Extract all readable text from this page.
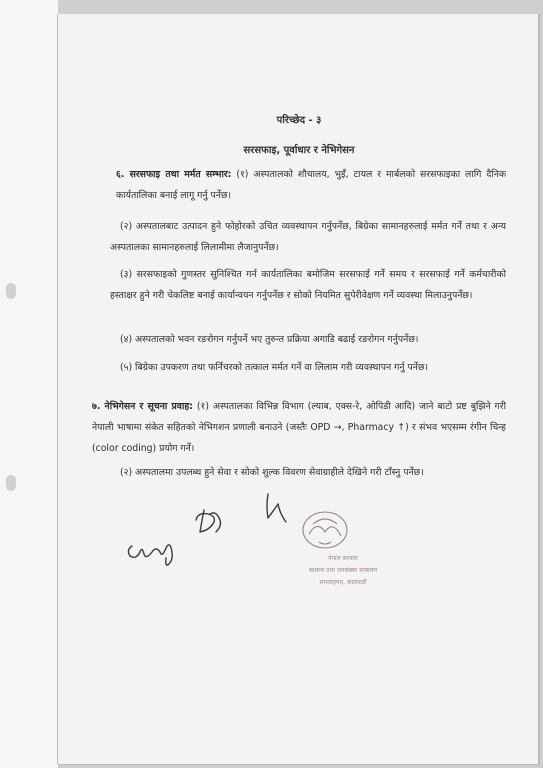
परिच्छेद - ३
सरसफाइ, पूर्वाधार र नेभिगेसन

६. सरसफाइ तथा मर्मत सम्भार: (१) अस्पतालको शौचालय, भुइँ, टायल र मार्बलको सरसफाइका लागि दैनिक कार्यतालिका बनाई लागू गर्नु पर्नेछ।

(२) अस्पतालबाट उत्पादन हुने फोहोरको उचित व्यवस्थापन गर्नुपर्नेछ, बिग्रेका सामानहरुलाई मर्मत गर्ने तथा र अन्य अस्पतालका सामानहरुलाई लिलामीमा लैजानुपर्नेछ।

(३) सरसफाइको गुणस्तर सुनिश्चित गर्न कार्यतालिका बमोजिम सरसफाई गर्ने समय र सरसफाई गर्ने कर्मचारीको हस्ताक्षर हुने गरी चेकलिष्ट बनाई कार्यान्वयन गर्नुपर्नेछ र सोको नियमित सुपेरीवेक्षण गर्ने व्यवस्था मिलाउनुपर्नेछ।

(४) अस्पतालको भवन रङरोगन गर्नुपर्ने भए तुरुन्त प्रक्रिया अगाडि बढाई रङरोगन गर्नुपर्नेछ।

(५) बिग्रेका उपकरण तथा फर्निचरको तत्काल मर्मत गर्ने वा लिलाम गरी व्यवस्थापन गर्नु पर्नेछ।

७. नेभिगेसन र सूचना प्रवाह: (१) अस्पतालका विभिन्न विभाग (ल्याब, एक्स-रे, ओपिडी आदि) जाने बाटो प्रष्ट बुझिने गरी नेपाली भाषामा संकेत सहितको नेभिगशन प्रणाली बनाउने (जस्तैः OPD →, Pharmacy ↑) र संभव भएसम्म रंगीन चिन्ह (color coding) प्रयोग गर्ने।

(२) अस्पतालमा उपलब्ध हुने सेवा र सोको शुल्क विवरण सेवाग्राहीले देखिने गरी टाँस्नु पर्नेछ।

नेपाल सरकार
स्वास्थ्य तथा जनसंख्या मन्त्रालय
रामशाहपथ, काठमाडौं
